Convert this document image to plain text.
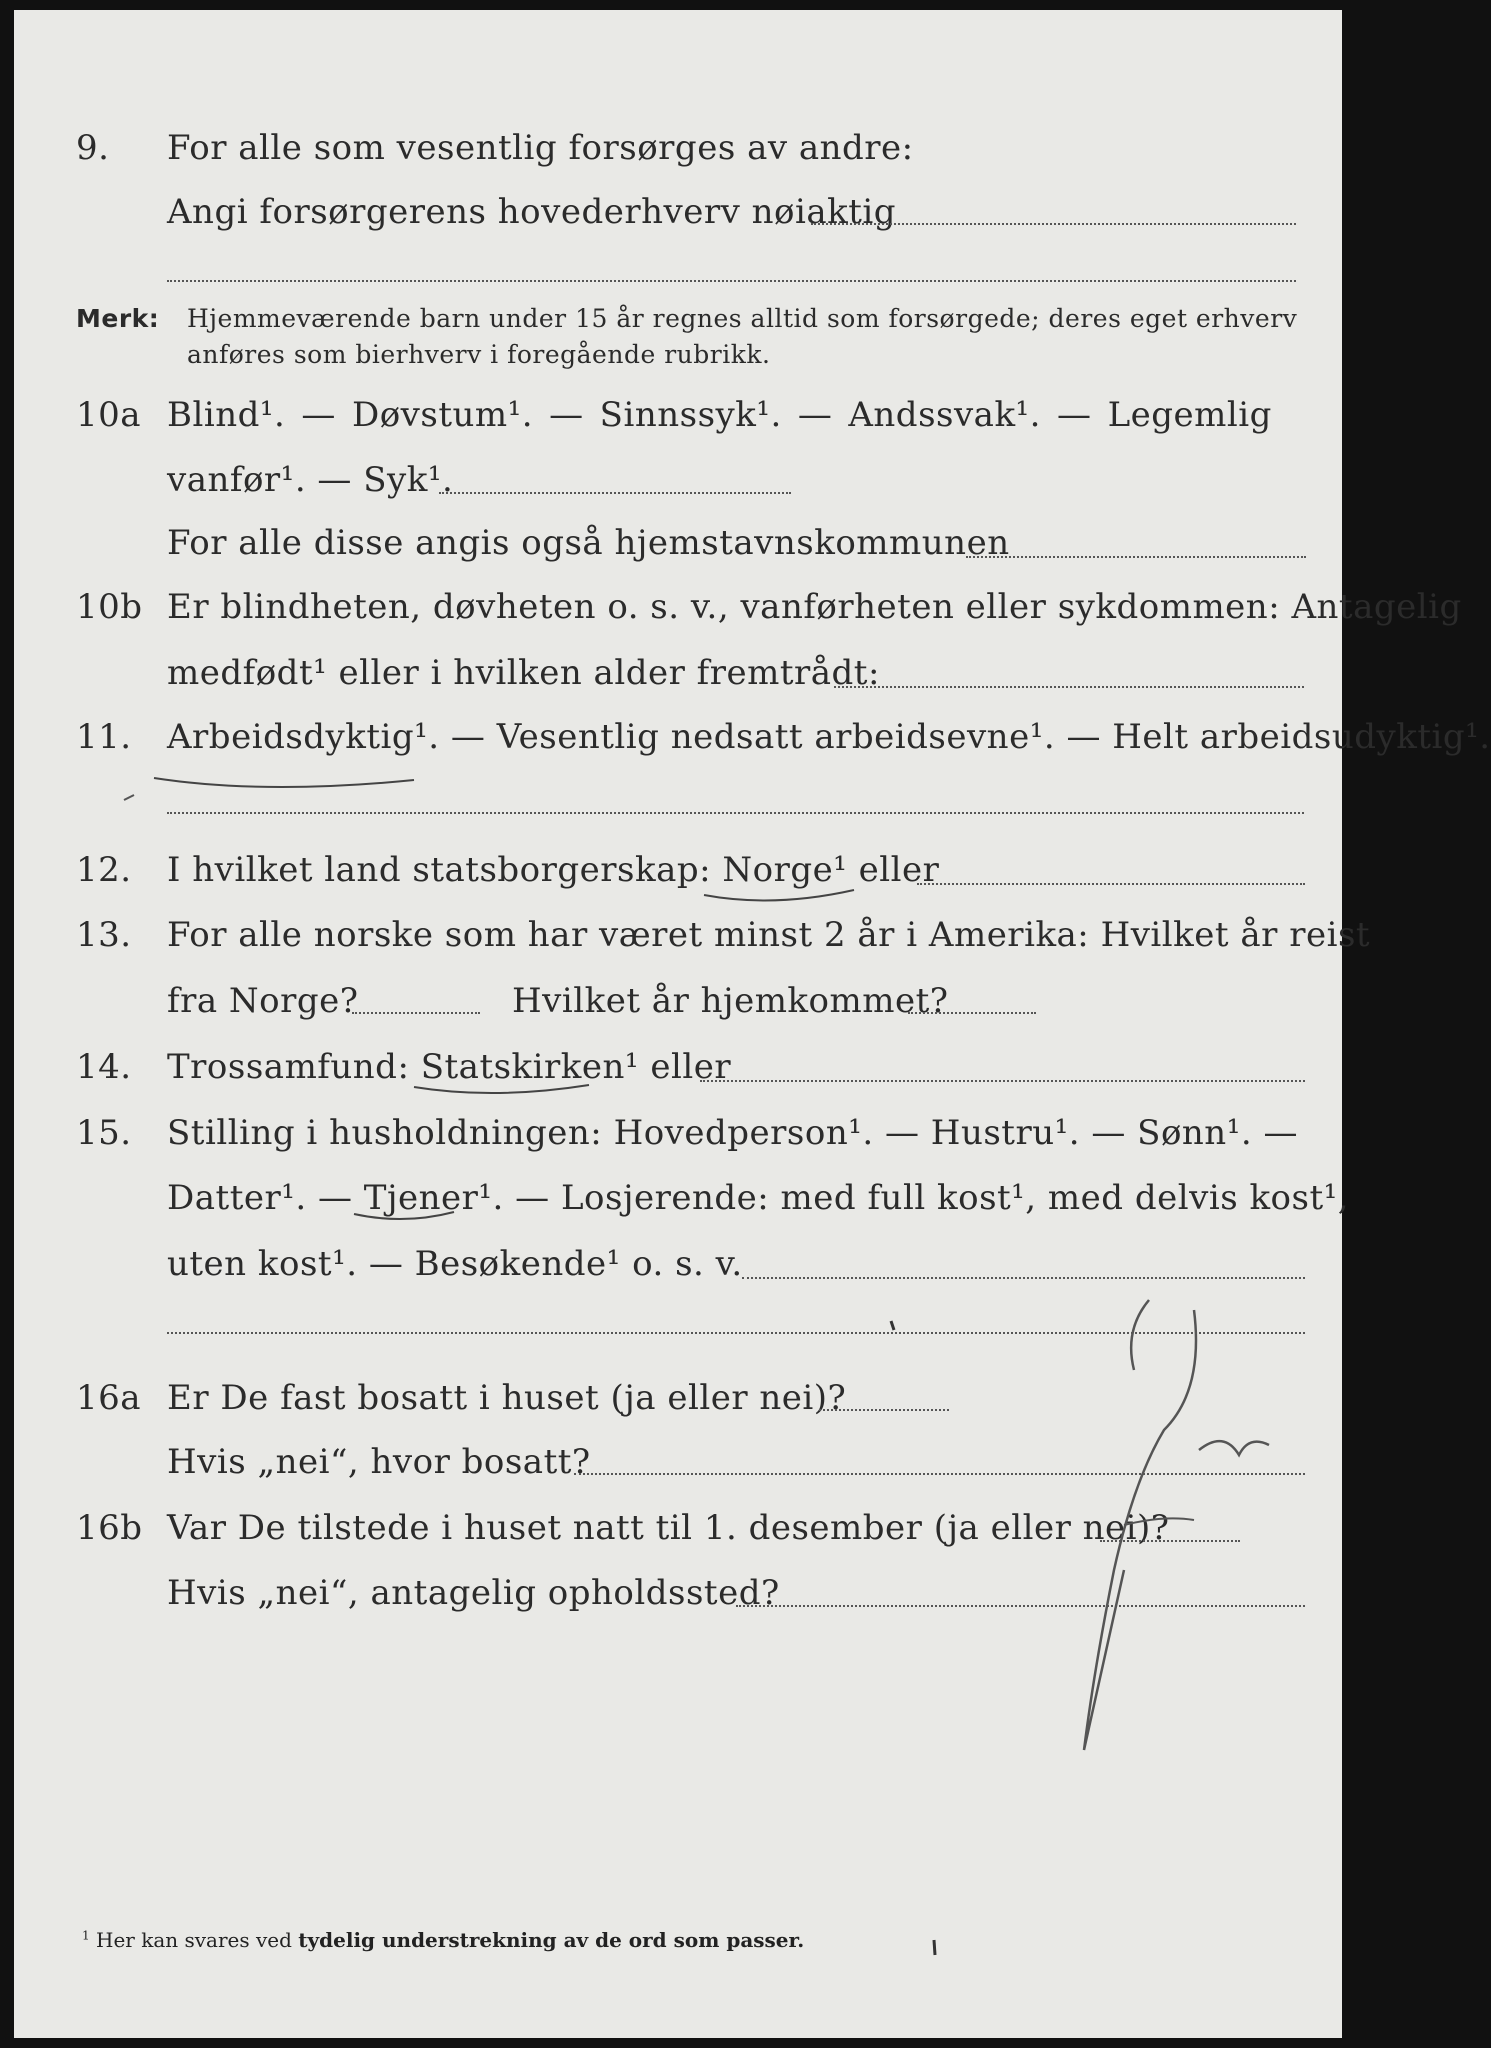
9. For alle som vesentlig forsørges av andre:
Angi forsørgerens hovederhverv nøiaktig
Merk: Hjemmeværende barn under 15 år regnes alltid som forsørgede; deres eget erhverv
anføres som bierhverv i foregående rubrikk.
10a Blind¹. — Døvstum¹. — Sinnssyk¹. — Andssvak¹. — Legemlig
vanfør¹. — Syk¹.
For alle disse angis også hjemstavnskommunen
10b Er blindheten, døvheten o. s. v., vanførheten eller sykdommen: Antagelig
medfødt¹ eller i hvilken alder fremtrådt:
11. Arbeidsdyktig¹. — Vesentlig nedsatt arbeidsevne¹. — Helt arbeidsudyktig¹.
12. I hvilket land statsborgerskap: Norge¹ eller
13. For alle norske som har været minst 2 år i Amerika: Hvilket år reist
fra Norge?	Hvilket år hjemkommet?
14. Trossamfund: Statskirken¹ eller
15. Stilling i husholdningen: Hovedperson¹. — Hustru¹. — Sønn¹. —
Datter¹. — Tjener¹. — Losjerende: med full kost¹, med delvis kost¹,
uten kost¹. — Besøkende¹ o. s. v.
16a Er De fast bosatt i huset (ja eller nei)?
Hvis „nei“, hvor bosatt?
16b Var De tilstede i huset natt til 1. desember (ja eller nei)?
Hvis „nei“, antagelig opholdssted?
$^1$ Her kan svares ved tydelig understrekning av de ord som passer.
